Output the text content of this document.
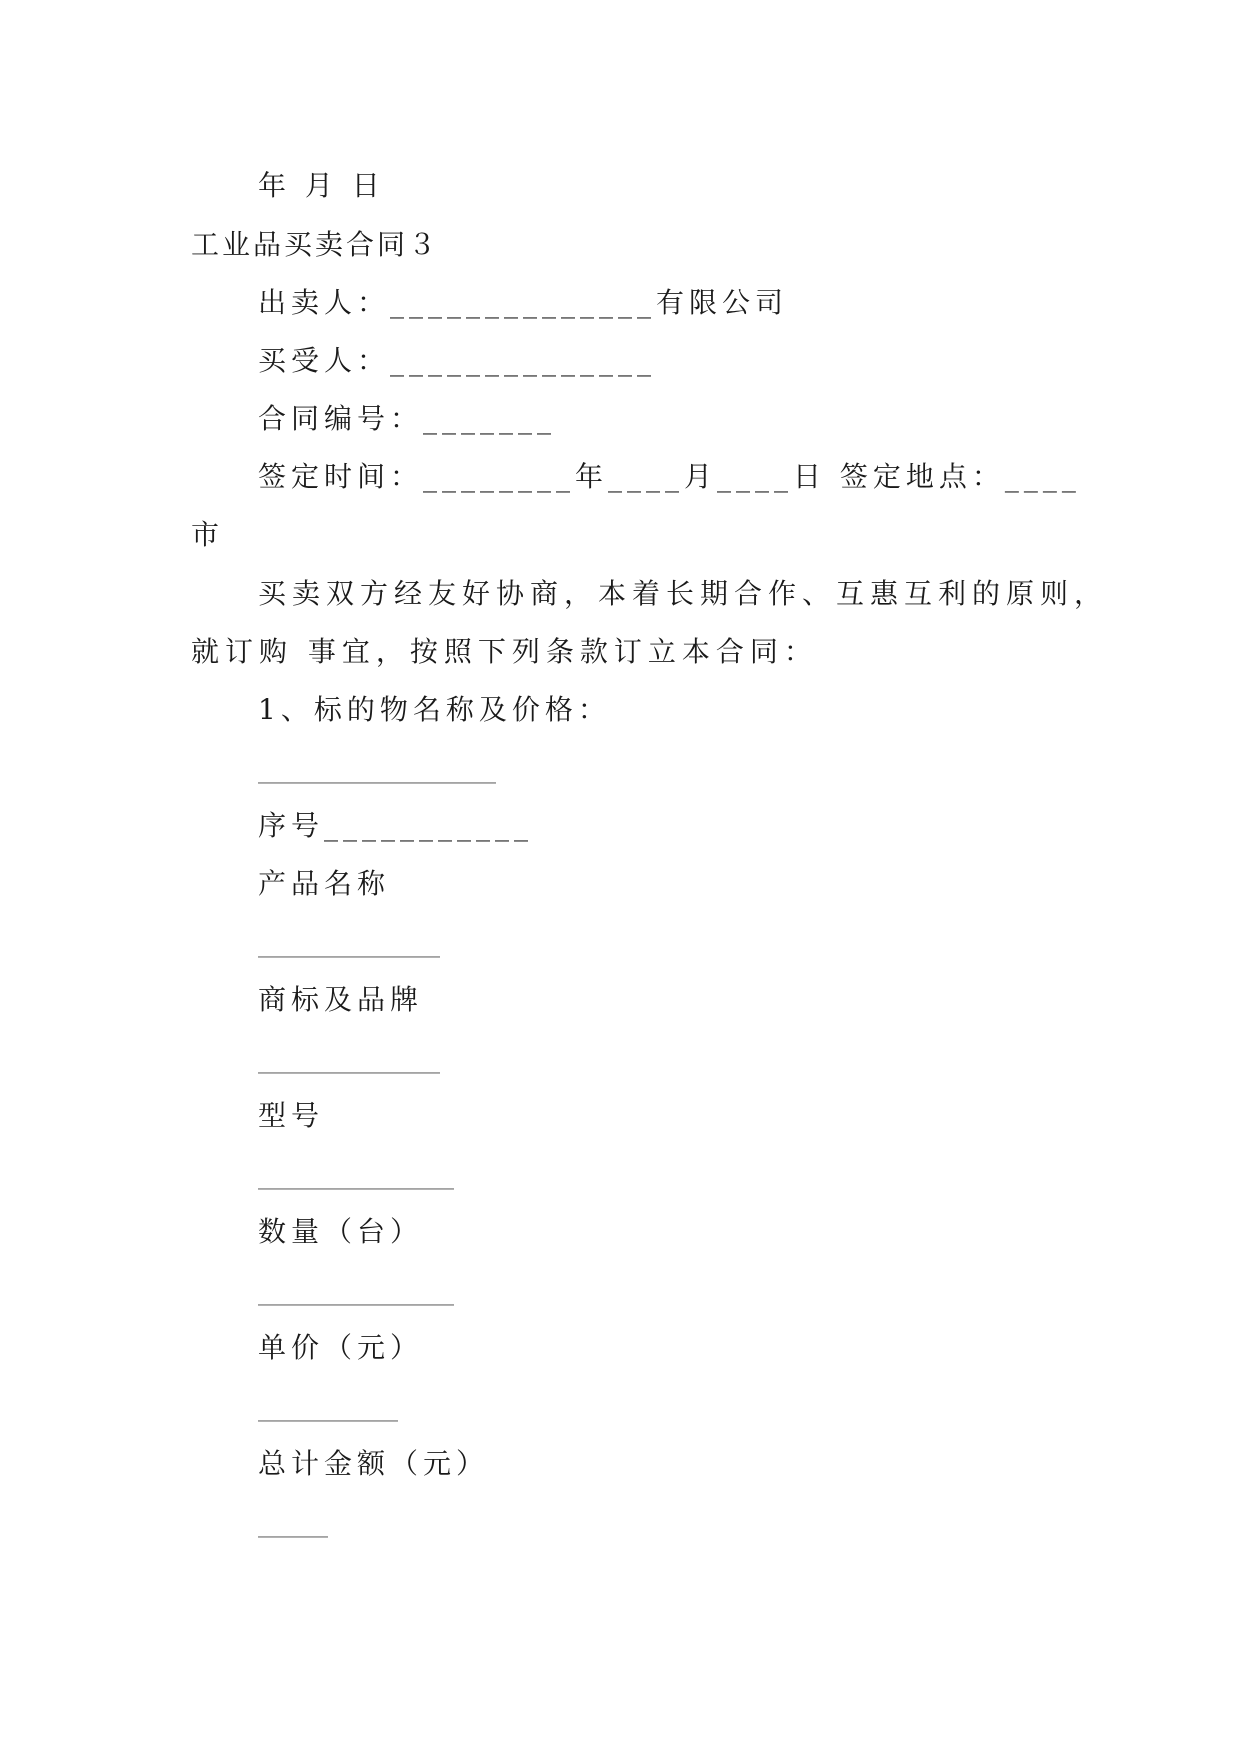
年 月 日
工业品买卖合同３
出卖人：______________有限公司
买受人：______________
合同编号：_______
签定时间：________年____月____日 签定地点：____
市
买卖双方经友好协商，本着长期合作、互惠互利的原则，
就订购 事宜，按照下列条款订立本合同：
1、标的物名称及价格：
_________________
序号___________
产品名称
_____________
商标及品牌
_____________
型号
______________
数量（台）
______________
单价（元）
__________
总计金额（元）
_____
